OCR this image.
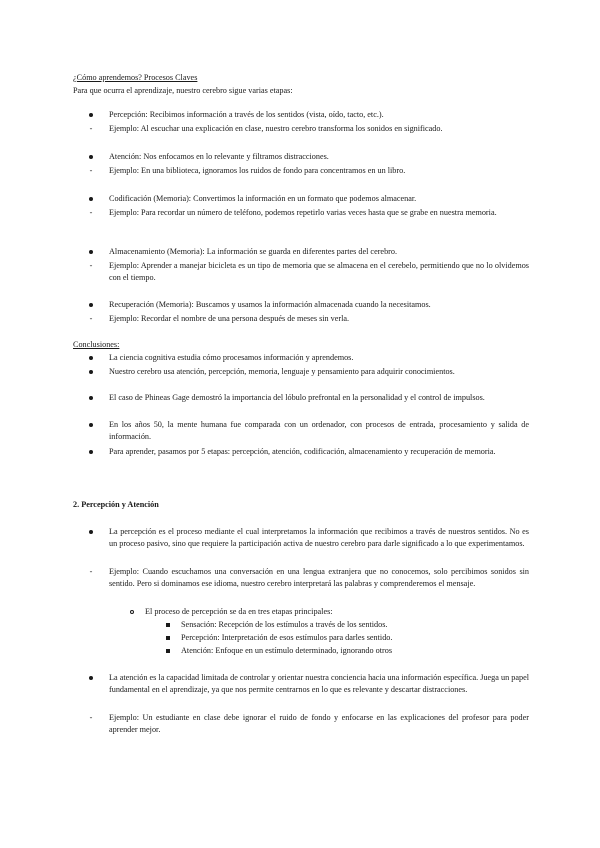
¿Cómo aprendemos? Procesos Claves
Para que ocurra el aprendizaje, nuestro cerebro sigue varias etapas:
Percepción: Recibimos información a través de los sentidos (vista, oído, tacto, etc.).
-	Ejemplo: Al escuchar una explicación en clase, nuestro cerebro transforma los sonidos en significado.
Atención: Nos enfocamos en lo relevante y filtramos distracciones.
-	Ejemplo: En una biblioteca, ignoramos los ruidos de fondo para concentramos en un libro.
Codificación (Memoria): Convertimos la información en un formato que podemos almacenar.
-	Ejemplo: Para recordar un número de teléfono, podemos repetirlo varias veces hasta que se grabe en nuestra memoria.
Almacenamiento (Memoria): La información se guarda en diferentes partes del cerebro.
-	Ejemplo: Aprender a manejar bicicleta es un tipo de memoria que se almacena en el cerebelo, permitiendo que no lo olvidemos con el tiempo.
Recuperación (Memoria): Buscamos y usamos la información almacenada cuando la necesitamos.
-	Ejemplo: Recordar el nombre de una persona después de meses sin verla.
Conclusiones:
La ciencia cognitiva estudia cómo procesamos información y aprendemos.
Nuestro cerebro usa atención, percepción, memoria, lenguaje y pensamiento para adquirir conocimientos.
El caso de Phineas Gage demostró la importancia del lóbulo prefrontal en la personalidad y el control de impulsos.
En los años 50, la mente humana fue comparada con un ordenador, con procesos de entrada, procesamiento y salida de información.
Para aprender, pasamos por 5 etapas: percepción, atención, codificación, almacenamiento y recuperación de memoria.
2. Percepción y Atención
La percepción es el proceso mediante el cual interpretamos la información que recibimos a través de nuestros sentidos. No es un proceso pasivo, sino que requiere la participación activa de nuestro cerebro para darle significado a lo que experimentamos.
-	Ejemplo: Cuando escuchamos una conversación en una lengua extranjera que no conocemos, solo percibimos sonidos sin sentido. Pero si dominamos ese idioma, nuestro cerebro interpretará las palabras y comprenderemos el mensaje.
El proceso de percepción se da en tres etapas principales:
Sensación: Recepción de los estímulos a través de los sentidos.
Percepción: Interpretación de esos estímulos para darles sentido.
Atención: Enfoque en un estímulo determinado, ignorando otros
La atención es la capacidad limitada de controlar y orientar nuestra conciencia hacia una información específica. Juega un papel fundamental en el aprendizaje, ya que nos permite centrarnos en lo que es relevante y descartar distracciones.
-	Ejemplo: Un estudiante en clase debe ignorar el ruido de fondo y enfocarse en las explicaciones del profesor para poder aprender mejor.
